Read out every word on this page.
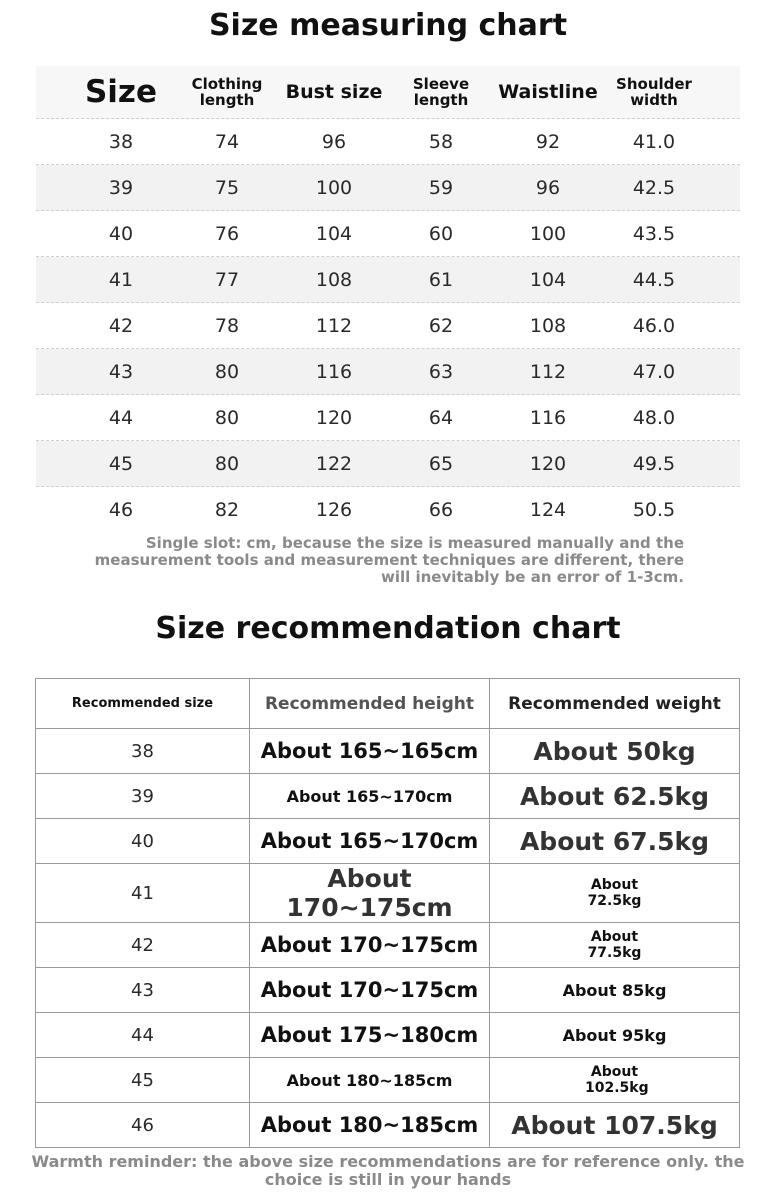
Size measuring chart
Size	Clothing length	Bust size	Sleeve length	Waistline	Shoulder width
38	74	96	58	92	41.0
39	75	100	59	96	42.5
40	76	104	60	100	43.5
41	77	108	61	104	44.5
42	78	112	62	108	46.0
43	80	116	63	112	47.0
44	80	120	64	116	48.0
45	80	122	65	120	49.5
46	82	126	66	124	50.5
Single slot: cm, because the size is measured manually and the measurement tools and measurement techniques are different, there will inevitably be an error of 1-3cm.
Size recommendation chart
Recommended size	Recommended height	Recommended weight
38	About 165~165cm	About 50kg
39	About 165~170cm	About 62.5kg
40	About 165~170cm	About 67.5kg
41	About 170~175cm	About 72.5kg
42	About 170~175cm	About 77.5kg
43	About 170~175cm	About 85kg
44	About 175~180cm	About 95kg
45	About 180~185cm	About 102.5kg
46	About 180~185cm	About 107.5kg
Warmth reminder: the above size recommendations are for reference only. the choice is still in your hands
